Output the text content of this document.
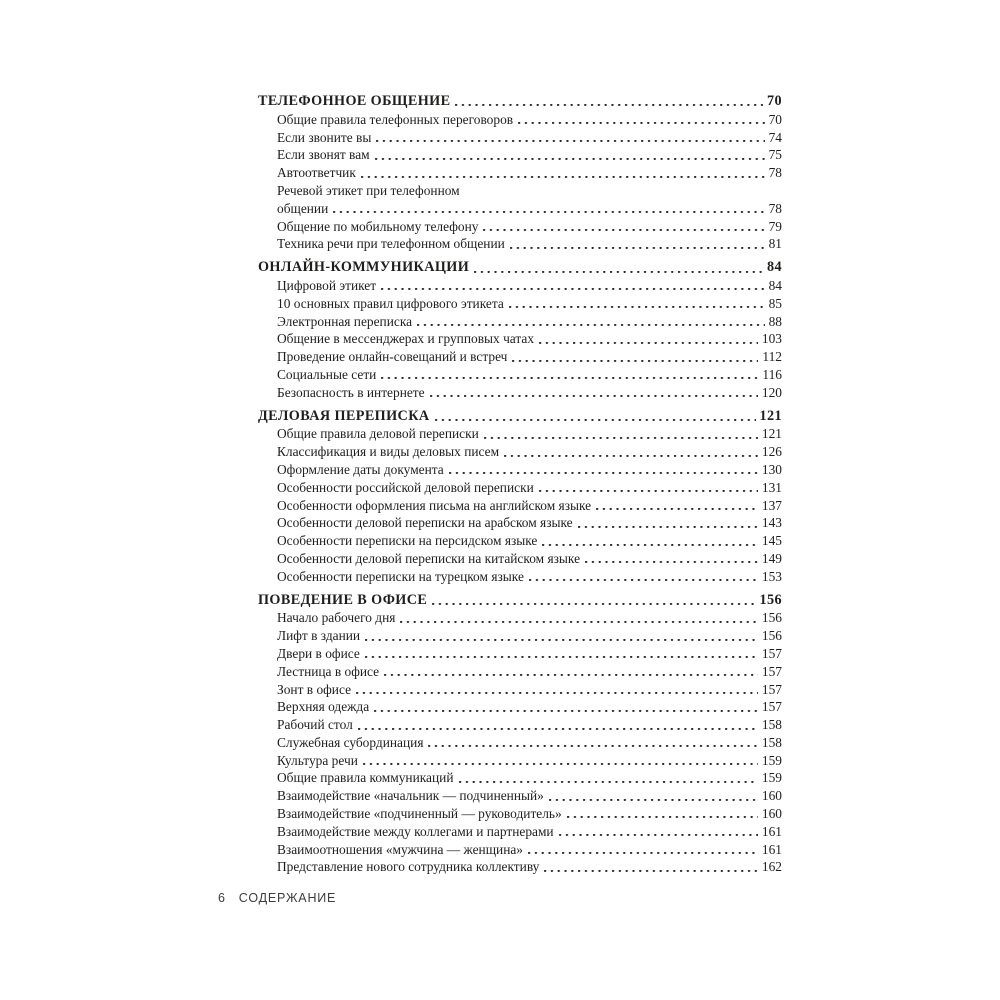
ТЕЛЕФОННОЕ ОБЩЕНИЕ	70
Общие правила телефонных переговоров	70
Если звоните вы	74
Если звонят вам	75
Автоответчик	78
Речевой этикет при телефонном
общении	78
Общение по мобильному телефону	79
Техника речи при телефонном общении	81
ОНЛАЙН-КОММУНИКАЦИИ	84
Цифровой этикет	84
10 основных правил цифрового этикета	85
Электронная переписка	88
Общение в мессенджерах и групповых чатах	103
Проведение онлайн-совещаний и встреч	112
Социальные сети	116
Безопасность в интернете	120
ДЕЛОВАЯ ПЕРЕПИСКА	121
Общие правила деловой переписки	121
Классификация и виды деловых писем	126
Оформление даты документа	130
Особенности российской деловой переписки	131
Особенности оформления письма на английском языке	137
Особенности деловой переписки на арабском языке	143
Особенности переписки на персидском языке	145
Особенности деловой переписки на китайском языке	149
Особенности переписки на турецком языке	153
ПОВЕДЕНИЕ В ОФИСЕ	156
Начало рабочего дня	156
Лифт в здании	156
Двери в офисе	157
Лестница в офисе	157
Зонт в офисе	157
Верхняя одежда	157
Рабочий стол	158
Служебная субординация	158
Культура речи	159
Общие правила коммуникаций	159
Взаимодействие «начальник — подчиненный»	160
Взаимодействие «подчиненный — руководитель»	160
Взаимодействие между коллегами и партнерами	161
Взаимоотношения «мужчина — женщина»	161
Представление нового сотрудника коллективу	162
6 СОДЕРЖАНИЕ
